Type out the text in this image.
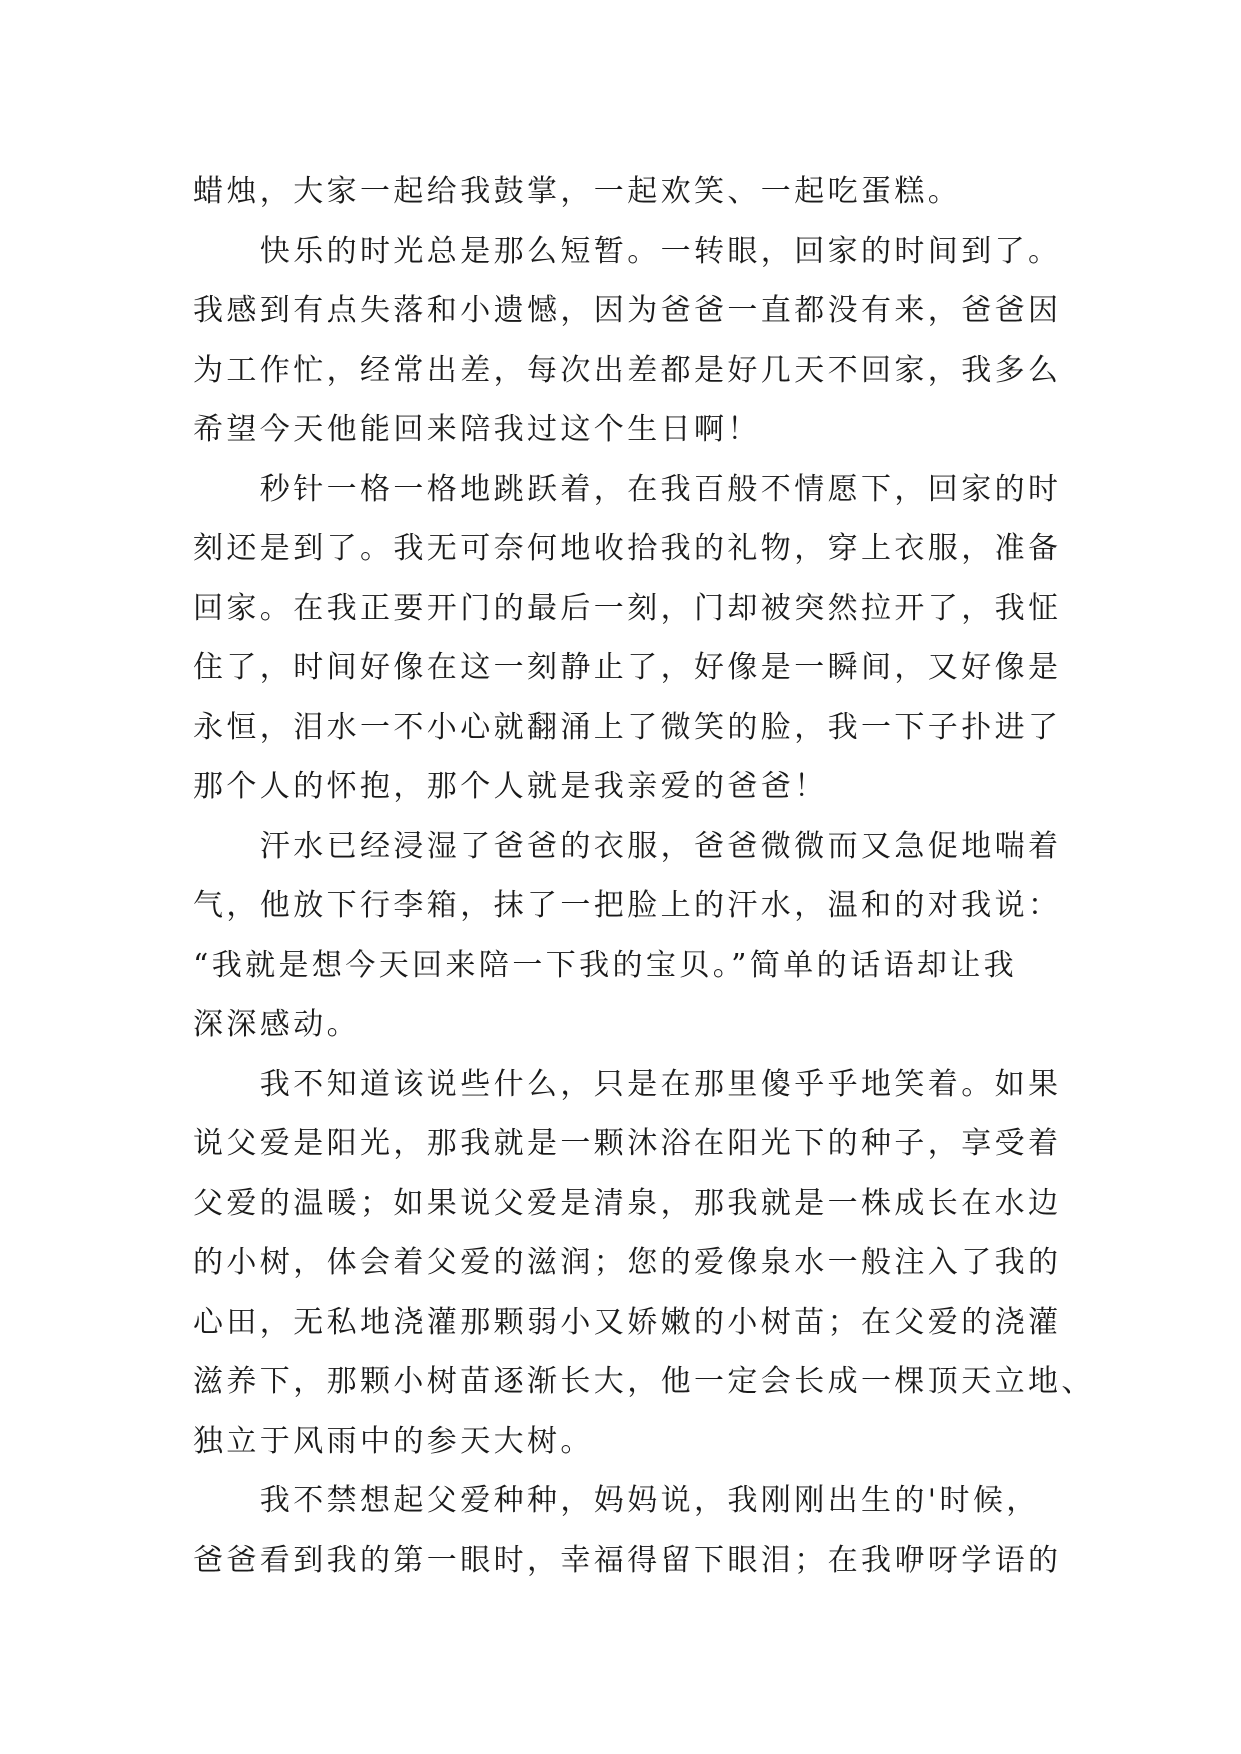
蜡烛，大家一起给我鼓掌，一起欢笑、一起吃蛋糕。
　　快乐的时光总是那么短暂。一转眼，回家的时间到了。
我感到有点失落和小遗憾，因为爸爸一直都没有来，爸爸因
为工作忙，经常出差，每次出差都是好几天不回家，我多么
希望今天他能回来陪我过这个生日啊！
　　秒针一格一格地跳跃着，在我百般不情愿下，回家的时
刻还是到了。我无可奈何地收拾我的礼物，穿上衣服，准备
回家。在我正要开门的最后一刻，门却被突然拉开了，我怔
住了，时间好像在这一刻静止了，好像是一瞬间，又好像是
永恒，泪水一不小心就翻涌上了微笑的脸，我一下子扑进了
那个人的怀抱，那个人就是我亲爱的爸爸！
　　汗水已经浸湿了爸爸的衣服，爸爸微微而又急促地喘着
气，他放下行李箱，抹了一把脸上的汗水，温和的对我说：
“我就是想今天回来陪一下我的宝贝。”简单的话语却让我
深深感动。
　　我不知道该说些什么，只是在那里傻乎乎地笑着。如果
说父爱是阳光，那我就是一颗沐浴在阳光下的种子，享受着
父爱的温暖；如果说父爱是清泉，那我就是一株成长在水边
的小树，体会着父爱的滋润；您的爱像泉水一般注入了我的
心田，无私地浇灌那颗弱小又娇嫩的小树苗；在父爱的浇灌
滋养下，那颗小树苗逐渐长大，他一定会长成一棵顶天立地、
独立于风雨中的参天大树。
　　我不禁想起父爱种种，妈妈说，我刚刚出生的'时候，
爸爸看到我的第一眼时，幸福得留下眼泪；在我咿呀学语的
